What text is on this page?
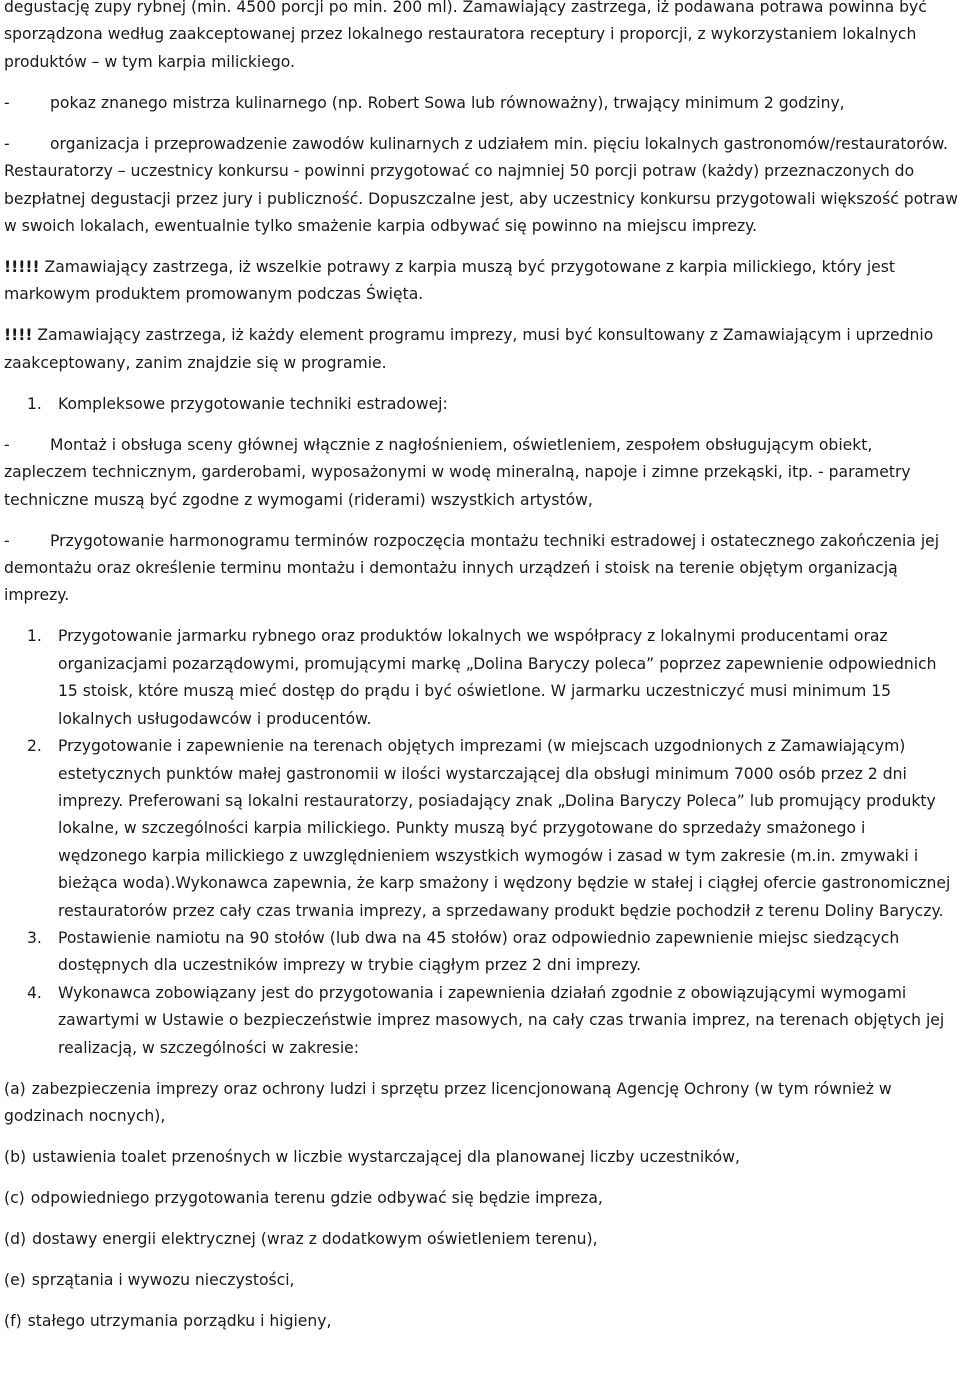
degustację zupy rybnej (min. 4500 porcji po min. 200 ml). Zamawiający zastrzega, iż podawana potrawa powinna być sporządzona według zaakceptowanej przez lokalnego restauratora receptury i proporcji, z wykorzystaniem lokalnych produktów – w tym karpia milickiego.

-	pokaz znanego mistrza kulinarnego (np. Robert Sowa lub równoważny), trwający minimum 2 godziny,

-	organizacja i przeprowadzenie zawodów kulinarnych z udziałem min. pięciu lokalnych gastronomów/restauratorów. Restauratorzy – uczestnicy konkursu - powinni przygotować co najmniej 50 porcji potraw (każdy) przeznaczonych do bezpłatnej degustacji przez jury i publiczność. Dopuszczalne jest, aby uczestnicy konkursu przygotowali większość potraw w swoich lokalach, ewentualnie tylko smażenie karpia odbywać się powinno na miejscu imprezy.

!!!!! Zamawiający zastrzega, iż wszelkie potrawy z karpia muszą być przygotowane z karpia milickiego, który jest markowym produktem promowanym podczas Święta.

!!!! Zamawiający zastrzega, iż każdy element programu imprezy, musi być konsultowany z Zamawiającym i uprzednio zaakceptowany, zanim znajdzie się w programie.

1. Kompleksowe przygotowanie techniki estradowej:

-	Montaż i obsługa sceny głównej włącznie z nagłośnieniem, oświetleniem, zespołem obsługującym obiekt, zapleczem technicznym, garderobami, wyposażonymi w wodę mineralną, napoje i zimne przekąski, itp. - parametry techniczne muszą być zgodne z wymogami (riderami) wszystkich artystów,

-	Przygotowanie harmonogramu terminów rozpoczęcia montażu techniki estradowej i ostatecznego zakończenia jej demontażu oraz określenie terminu montażu i demontażu innych urządzeń i stoisk na terenie objętym organizacją imprezy.

1. Przygotowanie jarmarku rybnego oraz produktów lokalnych we współpracy z lokalnymi producentami oraz organizacjami pozarządowymi, promującymi markę „Dolina Baryczy poleca” poprzez zapewnienie odpowiednich 15 stoisk, które muszą mieć dostęp do prądu i być oświetlone. W jarmarku uczestniczyć musi minimum 15 lokalnych usługodawców i producentów.

2. Przygotowanie i zapewnienie na terenach objętych imprezami (w miejscach uzgodnionych z Zamawiającym) estetycznych punktów małej gastronomii w ilości wystarczającej dla obsługi minimum 7000 osób przez 2 dni imprezy. Preferowani są lokalni restauratorzy, posiadający znak „Dolina Baryczy Poleca” lub promujący produkty lokalne, w szczególności karpia milickiego. Punkty muszą być przygotowane do sprzedaży smażonego i wędzonego karpia milickiego z uwzględnieniem wszystkich wymogów i zasad w tym zakresie (m.in. zmywaki i bieżąca woda).Wykonawca zapewnia, że karp smażony i wędzony będzie w stałej i ciągłej ofercie gastronomicznej restauratorów przez cały czas trwania imprezy, a sprzedawany produkt będzie pochodził z terenu Doliny Baryczy.

3. Postawienie namiotu na 90 stołów (lub dwa na 45 stołów) oraz odpowiednio zapewnienie miejsc siedzących dostępnych dla uczestników imprezy w trybie ciągłym przez 2 dni imprezy.

4. Wykonawca zobowiązany jest do przygotowania i zapewnienia działań zgodnie z obowiązującymi wymogami zawartymi w Ustawie o bezpieczeństwie imprez masowych, na cały czas trwania imprez, na terenach objętych jej realizacją, w szczególności w zakresie:

(a) zabezpieczenia imprezy oraz ochrony ludzi i sprzętu przez licencjonowaną Agencję Ochrony (w tym również w godzinach nocnych),

(b) ustawienia toalet przenośnych w liczbie wystarczającej dla planowanej liczby uczestników,

(c) odpowiedniego przygotowania terenu gdzie odbywać się będzie impreza,

(d) dostawy energii elektrycznej (wraz z dodatkowym oświetleniem terenu),

(e) sprzątania i wywozu nieczystości,

(f) stałego utrzymania porządku i higieny,
